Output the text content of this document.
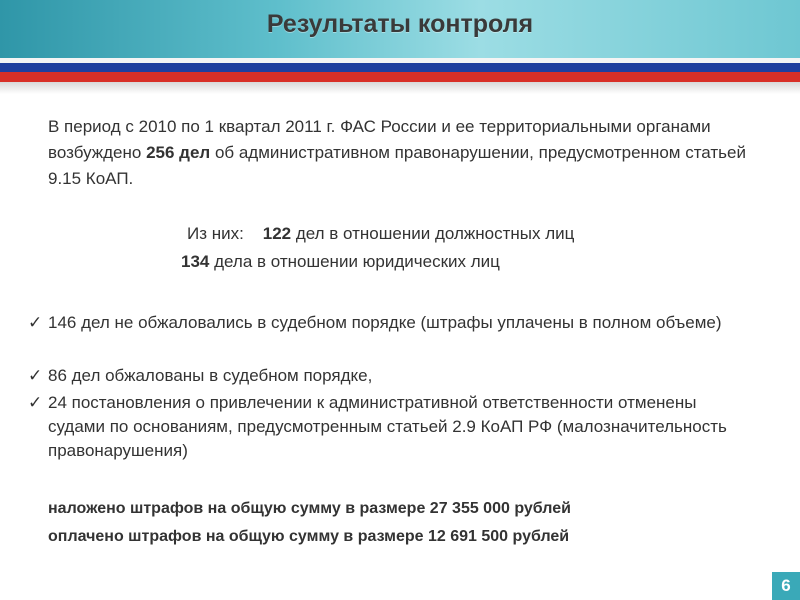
Результаты контроля
В период с 2010 по 1 квартал 2011 г. ФАС России и ее территориальными органами возбуждено 256 дел об административном правонарушении, предусмотренном статьей 9.15 КоАП.
Из них: 122 дел в отношении должностных лиц
134 дела в отношении юридических лиц
✓ 146 дел не обжаловались в судебном порядке (штрафы уплачены в полном объеме)
✓ 86 дел обжалованы в судебном порядке,
✓ 24 постановления о привлечении к административной ответственности отменены судами по основаниям, предусмотренным статьей 2.9 КоАП РФ (малозначительность правонарушения)
наложено штрафов на общую сумму в размере 27 355 000 рублей
оплачено штрафов на общую сумму в размере 12 691 500 рублей
6
